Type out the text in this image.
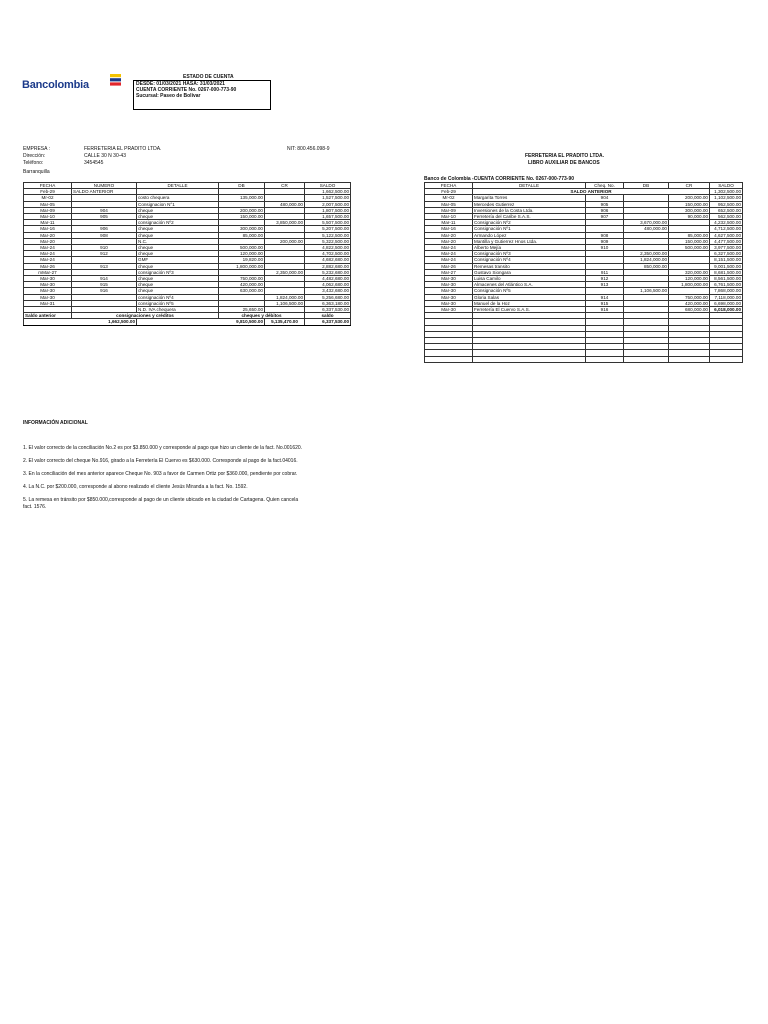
Bancolombia
ESTADO DE CUENTA
DESDE: 01/03/2021 HASA: 31/03/2021
CUENTA CORRIENTE No. 0267-000-773-90
Sucursal: Paseo de Bolívar
EMPRESA :	FERRETERIA EL PRADITO LTDA.	NIT: 800.456.098-9
Dirección:	CALLE 30 N 30-43
Teléfono:	3454545
Barranquilla
FERRETERIA EL PRADITO LTDA.
LIBRO AUXILIAR DE BANCOS
Banco de Colombia -CUENTA CORRIENTE No. 0267-000-773-90
FECHA	NUMERO	DETALLE	DB	CR	SALDO
Feb-29	SALDO ANTERIOR				1,662,500.00
Mr-02		costo chequera	135,000.00		1,527,500.00
Mar-05		Consignacion N°1		480,000.00	2,007,500.00
Mar-09	904	cheque	200,000.00		1,807,500.00
Mar-10	905	cheque	150,000.00		1,657,500.00
Mar-11		consignación Nº2		3,850,000.00	5,507,500.00
Mar-16	906	cheque	300,000.00		5,207,500.00
Mar-20	908	cheque	85,000.00		5,122,500.00
Mar-20		N.C.		200,000.00	5,322,500.00
Mar-24	910	cheque	500,000.00		4,822,500.00
Mar-24	912	cheque	120,000.00		4,702,500.00
Mar-24		GMF	19,820.00		4,682,680.00
Mar-26	913	cheque	1,800,000.00		2,882,680.00
mMar-27		consignación Nº3		2,350,000.00	5,232,680.00
Mar-30	914	cheque	750,000.00		4,482,680.00
Mar-30	915	cheque	420,000.00		4,062,680.00
Mar-30	916	cheque	630,000.00		3,432,680.00
Mar-30		consignación Nº4		1,824,000.00	5,256,680.00
Mar-31		consignación Nº5		1,106,500.00	6,363,180.00
		N.D. IVA chequera	25,650.00		6,337,530.00
Saldo anterior	consignaciones y créditos		cheques y débitos		saldo
1,662,500.00		9,810,500.00		5,135,470.00	6,337,530.00
FECHA	DETALLE	Cheq. No.	DB	CR	SALDO
Feb-29	SALDO ANTERIOR				1,302,500.00
Mr-02	Margarita Torres	904		200,000.00	1,102,500.00
Mar-05	Mercedes Gutierrez	905		150,000.00	952,500.00
Mar-09	Inversiones de la Costa Ltda.	906		300,000.00	652,500.00
Mar-10	Ferretería del Caribe S.A.S.	907		90,000.00	562,500.00
Mar-11	Consignación Nº2		3,670,000.00		4,232,500.00
Mar-16	Consignación Nº1		480,000.00		4,712,500.00
Mar-20	Armando López	908		85,000.00	4,627,500.00
Mar-20	Mantilla y Gutierrez Hnos Ltda.	909		150,000.00	4,477,500.00
Mar-24	Alberto Mejía	910		500,000.00	3,977,500.00
Mar-24	Consignación Nº3		2,350,000.00		6,327,500.00
Mar-24	Consignación Nº4		1,824,000.00		8,151,500.00
Mar-26	Remesas transito		850,000.00		9,001,500.00
Mar-27	Gustavo Siongara	911		320,000.00	8,681,500.00
Mar-30	Luisa Camilo	912		120,000.00	8,561,500.00
Mar-30	Almacenes del Atlántico S.A.	913		1,800,000.00	6,761,500.00
Mar-30	Consignación Nº5		1,106,500.00		7,868,000.00
Mar-30	Gloria Salas	914		750,000.00	7,118,000.00
Mar-30	Manuel de la Hoz	915		420,000.00	6,698,000.00
Mar-30	Ferretería El Cuervo S.A.S.	916		680,000.00	6,018,000.00

INFORMACIÓN ADICIONAL

1. El valor correcto de la conciliación No.2 es por $3.850.000 y corresponde al pago que hizo un cliente de la fact. No.001620.

2. El valor correcto del cheque No.916, girado a la Ferretería El Cuervo es $630.000. Corresponde al pago de la fact.04016.

3. En la conciliación del mes anterior aparece Cheque No. 903 a favor de Carmen Ortiz por $360.000, pendiente por cobrar.

4. La N.C. por $200.000, corresponde al abono realizado el cliente Jesús Miranda a la fact. No. 1592.

5. La remesa en tránsito por $850.000,corresponde al pago de un cliente ubicado en la ciudad de Cartagena. Quien cancela

fact. 1576.
